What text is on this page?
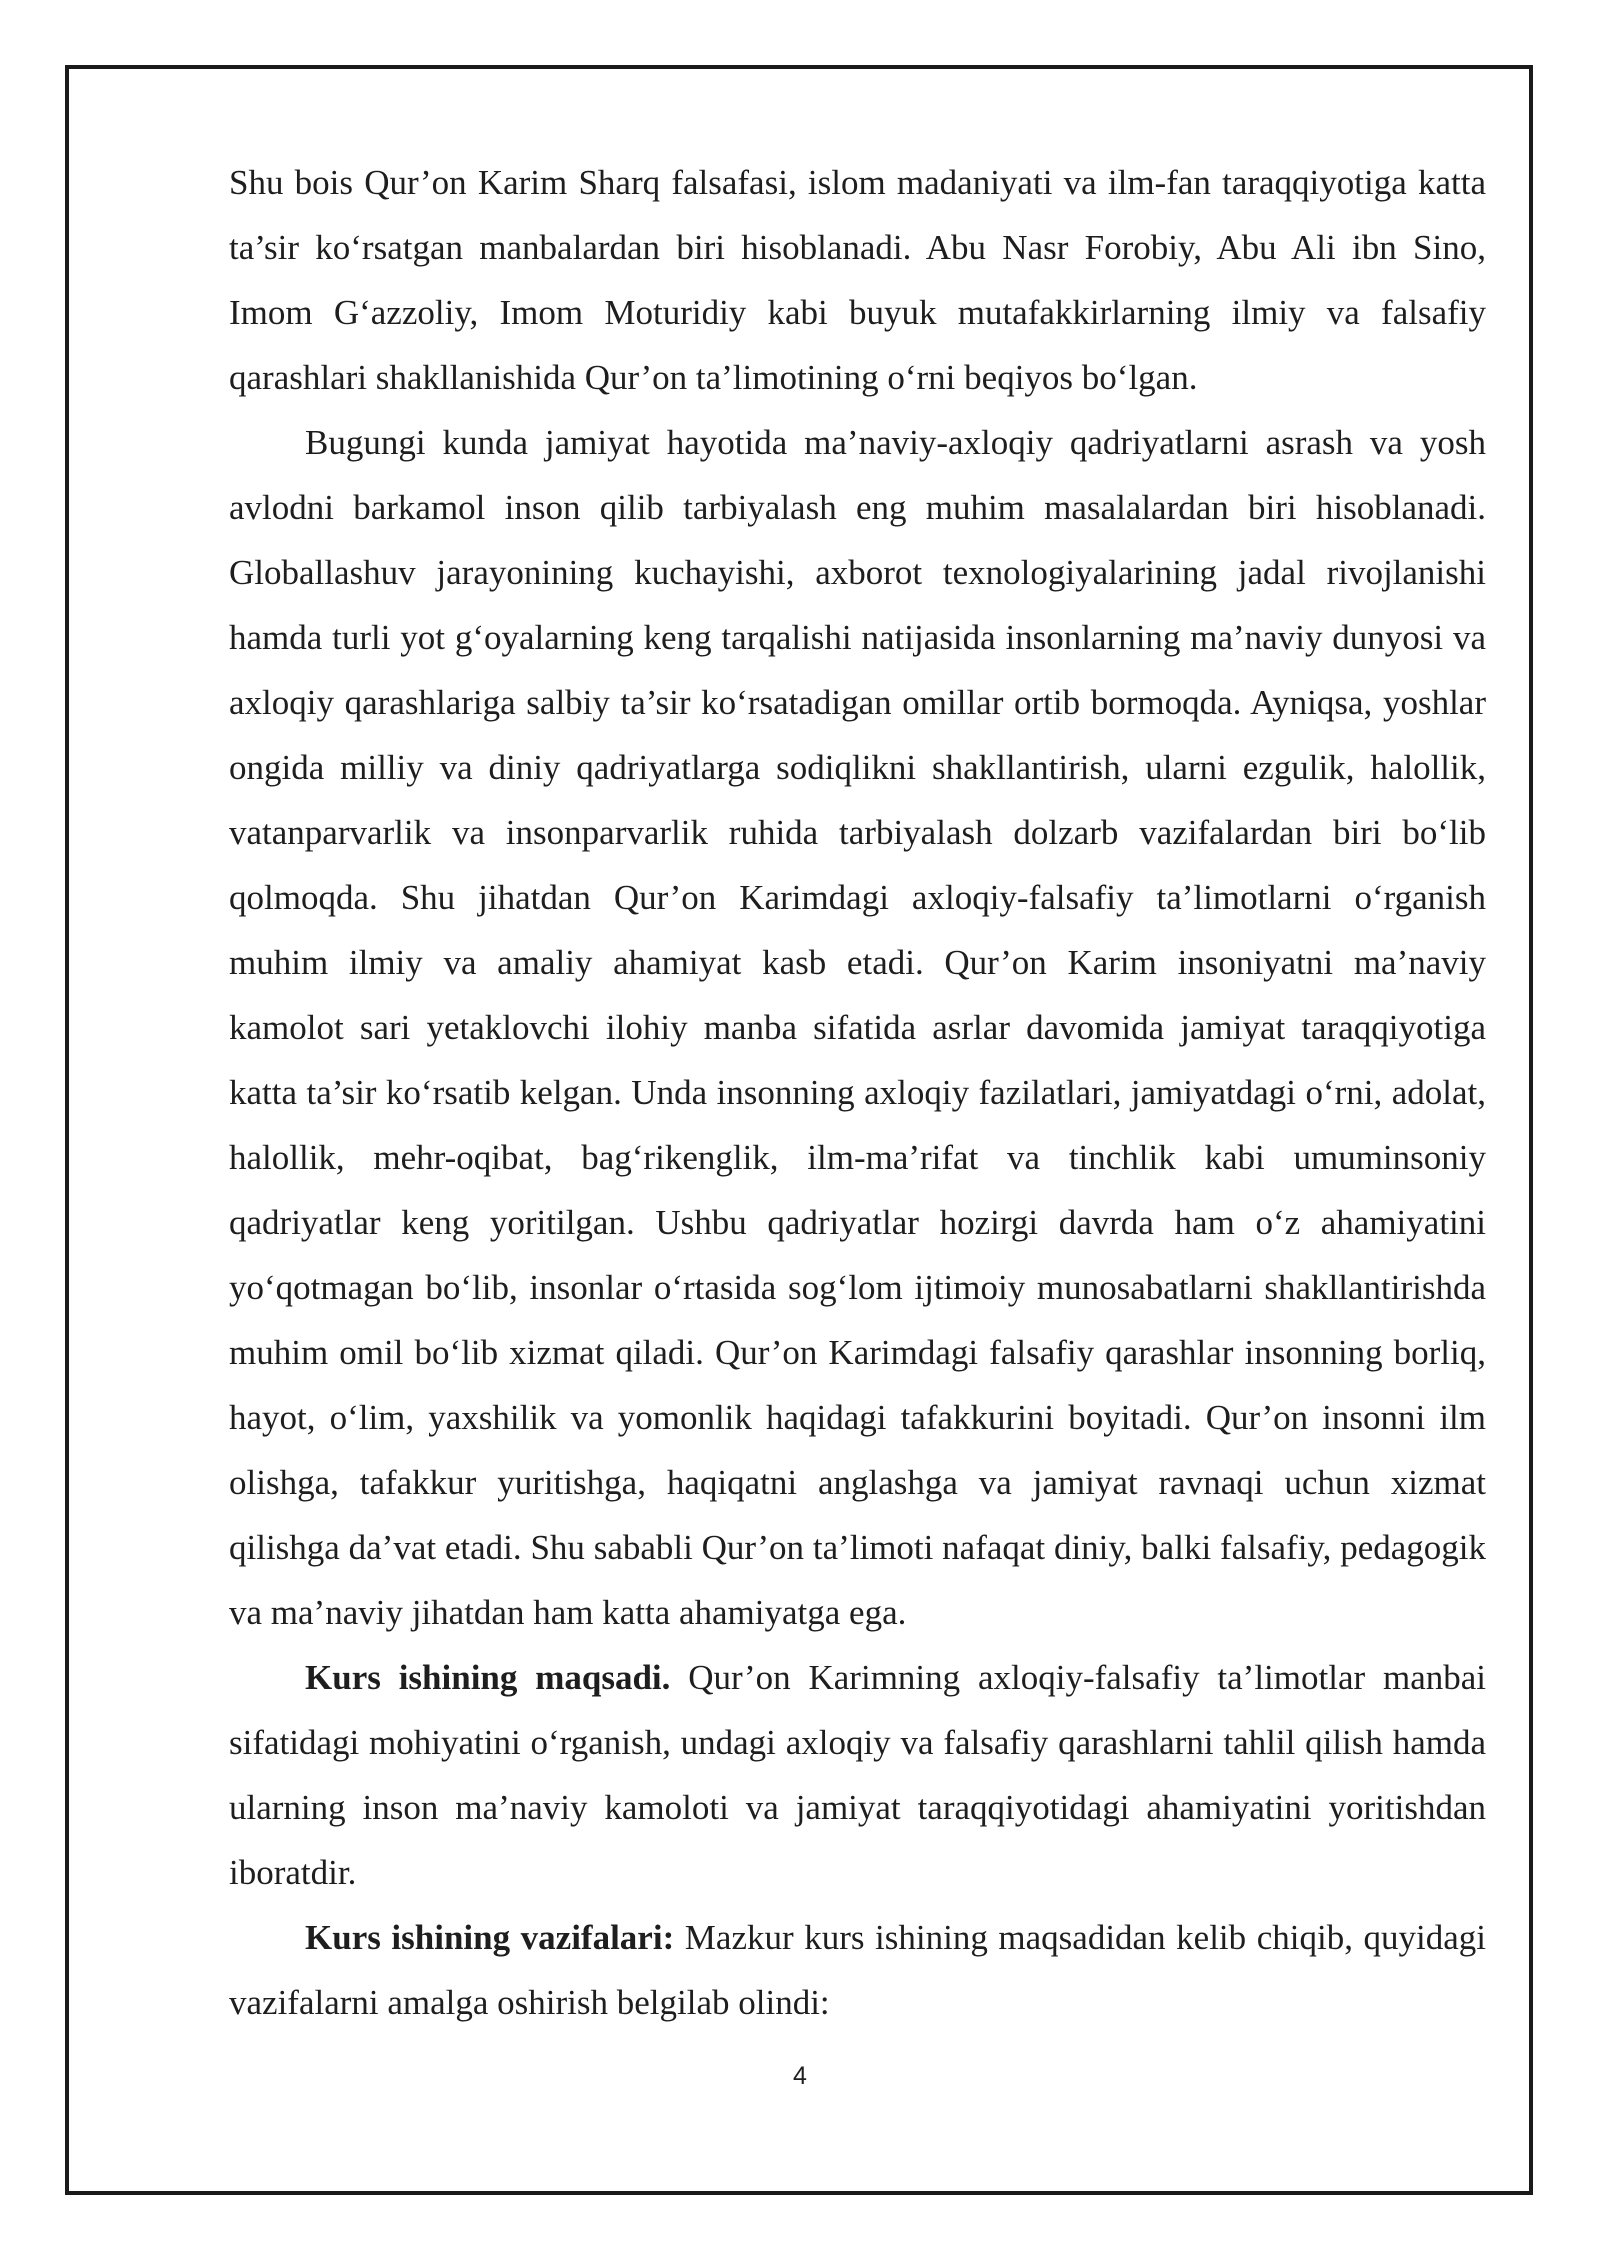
Shu bois Qur’on Karim Sharq falsafasi, islom madaniyati va ilm-fan taraqqiyotiga katta ta’sir ko‘rsatgan manbalardan biri hisoblanadi. Abu Nasr Forobiy, Abu Ali ibn Sino, Imom G‘azzoliy, Imom Moturidiy kabi buyuk mutafakkirlarning ilmiy va falsafiy qarashlari shakllanishida Qur’on ta’limotining o‘rni beqiyos bo‘lgan.

Bugungi kunda jamiyat hayotida ma’naviy-axloqiy qadriyatlarni asrash va yosh avlodni barkamol inson qilib tarbiyalash eng muhim masalalardan biri hisoblanadi. Globallashuv jarayonining kuchayishi, axborot texnologiyalarining jadal rivojlanishi hamda turli yot g‘oyalarning keng tarqalishi natijasida insonlarning ma’naviy dunyosi va axloqiy qarashlariga salbiy ta’sir ko‘rsatadigan omillar ortib bormoqda. Ayniqsa, yoshlar ongida milliy va diniy qadriyatlarga sodiqlikni shakllantirish, ularni ezgulik, halollik, vatanparvarlik va insonparvarlik ruhida tarbiyalash dolzarb vazifalardan biri bo‘lib qolmoqda. Shu jihatdan Qur’on Karimdagi axloqiy-falsafiy ta’limotlarni o‘rganish muhim ilmiy va amaliy ahamiyat kasb etadi. Qur’on Karim insoniyatni ma’naviy kamolot sari yetaklovchi ilohiy manba sifatida asrlar davomida jamiyat taraqqiyotiga katta ta’sir ko‘rsatib kelgan. Unda insonning axloqiy fazilatlari, jamiyatdagi o‘rni, adolat, halollik, mehr-oqibat, bag‘rikenglik, ilm-ma’rifat va tinchlik kabi umuminsoniy qadriyatlar keng yoritilgan. Ushbu qadriyatlar hozirgi davrda ham o‘z ahamiyatini yo‘qotmagan bo‘lib, insonlar o‘rtasida sog‘lom ijtimoiy munosabatlarni shakllantirishda muhim omil bo‘lib xizmat qiladi. Qur’on Karimdagi falsafiy qarashlar insonning borliq, hayot, o‘lim, yaxshilik va yomonlik haqidagi tafakkurini boyitadi. Qur’on insonni ilm olishga, tafakkur yuritishga, haqiqatni anglashga va jamiyat ravnaqi uchun xizmat qilishga da’vat etadi. Shu sababli Qur’on ta’limoti nafaqat diniy, balki falsafiy, pedagogik va ma’naviy jihatdan ham katta ahamiyatga ega.

Kurs ishining maqsadi. Qur’on Karimning axloqiy-falsafiy ta’limotlar manbai sifatidagi mohiyatini o‘rganish, undagi axloqiy va falsafiy qarashlarni tahlil qilish hamda ularning inson ma’naviy kamoloti va jamiyat taraqqiyotidagi ahamiyatini yoritishdan iboratdir.

Kurs ishining vazifalari: Mazkur kurs ishining maqsadidan kelib chiqib, quyidagi vazifalarni amalga oshirish belgilab olindi:

4
